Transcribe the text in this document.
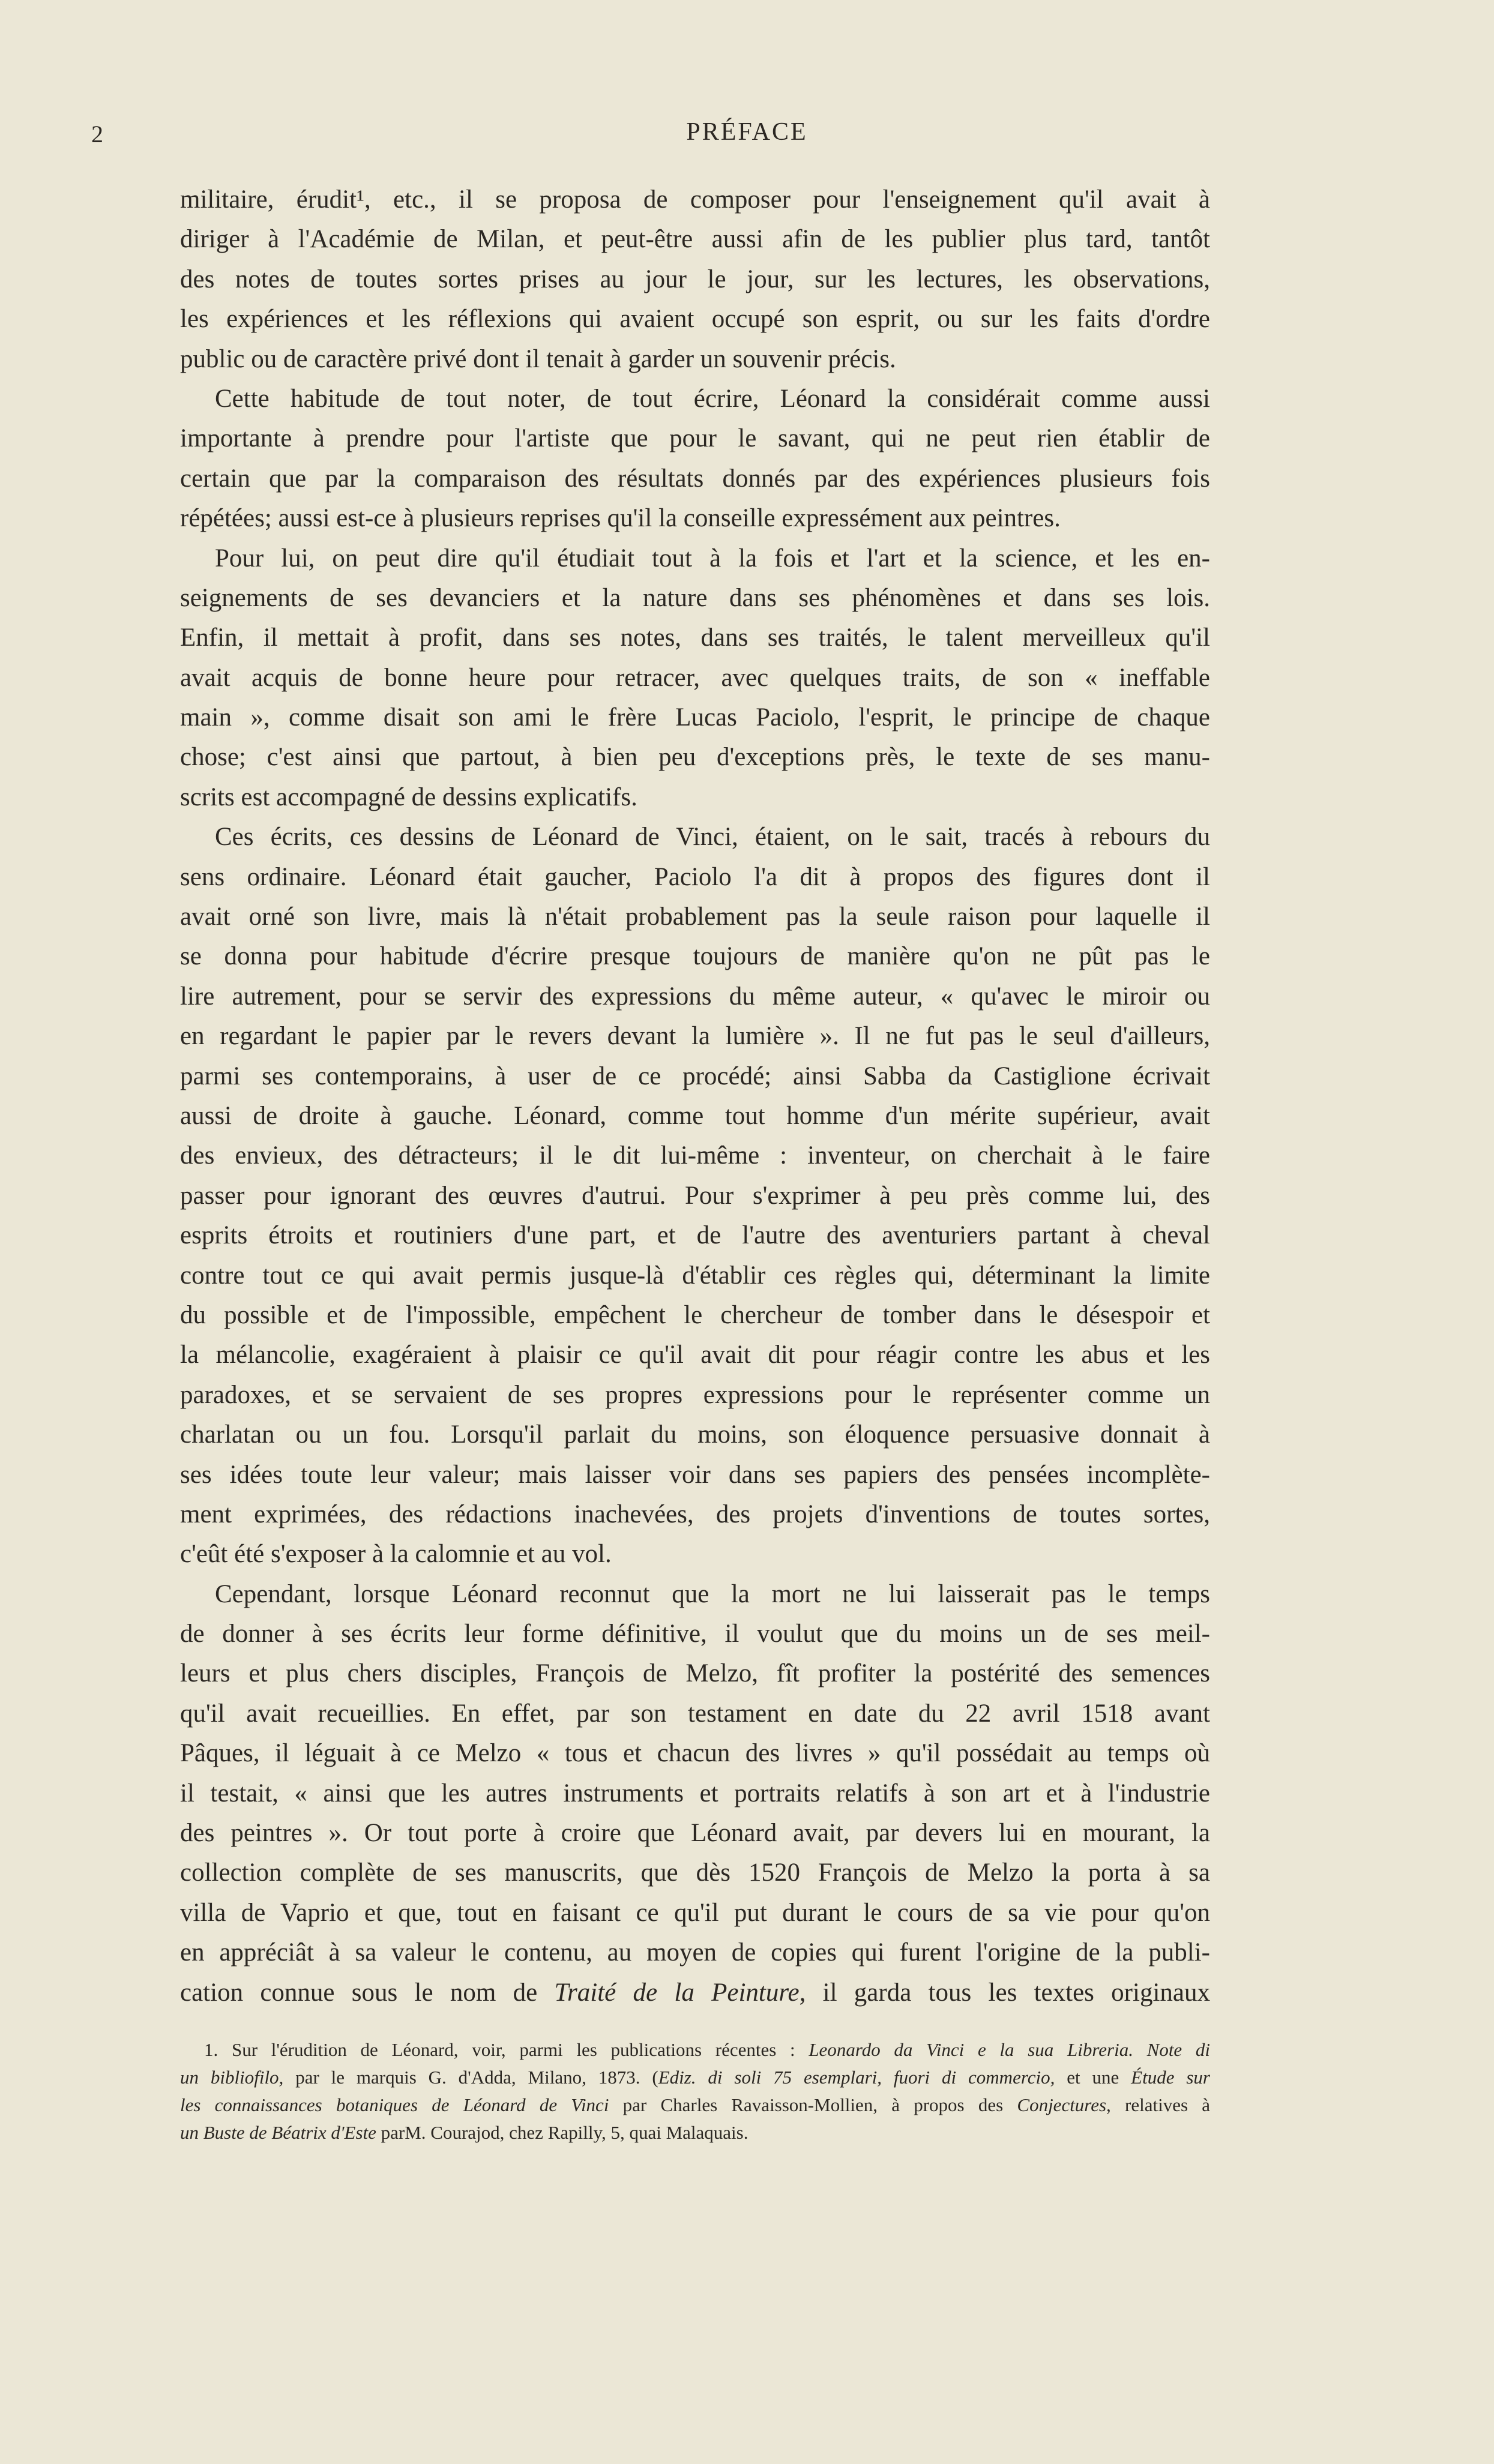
2	PRÉFACE
militaire, érudit¹, etc., il se proposa de composer pour l'enseignement qu'il avait à
diriger à l'Académie de Milan, et peut-être aussi afin de les publier plus tard, tantôt
des notes de toutes sortes prises au jour le jour, sur les lectures, les observations,
les expériences et les réflexions qui avaient occupé son esprit, ou sur les faits d'ordre
public ou de caractère privé dont il tenait à garder un souvenir précis.
Cette habitude de tout noter, de tout écrire, Léonard la considérait comme aussi
importante à prendre pour l'artiste que pour le savant, qui ne peut rien établir de
certain que par la comparaison des résultats donnés par des expériences plusieurs fois
répétées; aussi est-ce à plusieurs reprises qu'il la conseille expressément aux peintres.
Pour lui, on peut dire qu'il étudiait tout à la fois et l'art et la science, et les en-
seignements de ses devanciers et la nature dans ses phénomènes et dans ses lois.
Enfin, il mettait à profit, dans ses notes, dans ses traités, le talent merveilleux qu'il
avait acquis de bonne heure pour retracer, avec quelques traits, de son « ineffable
main », comme disait son ami le frère Lucas Paciolo, l'esprit, le principe de chaque
chose; c'est ainsi que partout, à bien peu d'exceptions près, le texte de ses manu-
scrits est accompagné de dessins explicatifs.
Ces écrits, ces dessins de Léonard de Vinci, étaient, on le sait, tracés à rebours du
sens ordinaire. Léonard était gaucher, Paciolo l'a dit à propos des figures dont il
avait orné son livre, mais là n'était probablement pas la seule raison pour laquelle il
se donna pour habitude d'écrire presque toujours de manière qu'on ne pût pas le
lire autrement, pour se servir des expressions du même auteur, « qu'avec le miroir ou
en regardant le papier par le revers devant la lumière ». Il ne fut pas le seul d'ailleurs,
parmi ses contemporains, à user de ce procédé; ainsi Sabba da Castiglione écrivait
aussi de droite à gauche. Léonard, comme tout homme d'un mérite supérieur, avait
des envieux, des détracteurs; il le dit lui-même : inventeur, on cherchait à le faire
passer pour ignorant des œuvres d'autrui. Pour s'exprimer à peu près comme lui, des
esprits étroits et routiniers d'une part, et de l'autre des aventuriers partant à cheval
contre tout ce qui avait permis jusque-là d'établir ces règles qui, déterminant la limite
du possible et de l'impossible, empêchent le chercheur de tomber dans le désespoir et
la mélancolie, exagéraient à plaisir ce qu'il avait dit pour réagir contre les abus et les
paradoxes, et se servaient de ses propres expressions pour le représenter comme un
charlatan ou un fou. Lorsqu'il parlait du moins, son éloquence persuasive donnait à
ses idées toute leur valeur; mais laisser voir dans ses papiers des pensées incomplète-
ment exprimées, des rédactions inachevées, des projets d'inventions de toutes sortes,
c'eût été s'exposer à la calomnie et au vol.
Cependant, lorsque Léonard reconnut que la mort ne lui laisserait pas le temps
de donner à ses écrits leur forme définitive, il voulut que du moins un de ses meil-
leurs et plus chers disciples, François de Melzo, fît profiter la postérité des semences
qu'il avait recueillies. En effet, par son testament en date du 22 avril 1518 avant
Pâques, il léguait à ce Melzo « tous et chacun des livres » qu'il possédait au temps où
il testait, « ainsi que les autres instruments et portraits relatifs à son art et à l'industrie
des peintres ». Or tout porte à croire que Léonard avait, par devers lui en mourant, la
collection complète de ses manuscrits, que dès 1520 François de Melzo la porta à sa
villa de Vaprio et que, tout en faisant ce qu'il put durant le cours de sa vie pour qu'on
en appréciât à sa valeur le contenu, au moyen de copies qui furent l'origine de la publi-
cation connue sous le nom de Traité de la Peinture, il garda tous les textes originaux
1. Sur l'érudition de Léonard, voir, parmi les publications récentes : Leonardo da Vinci e la sua Libreria. Note di
un bibliofilo, par le marquis G. d'Adda, Milano, 1873. (Ediz. di soli 75 esemplari, fuori di commercio, et une Étude sur
les connaissances botaniques de Léonard de Vinci par Charles Ravaisson-Mollien, à propos des Conjectures, relatives à
un Buste de Béatrix d'Este parM. Courajod, chez Rapilly, 5, quai Malaquais.
